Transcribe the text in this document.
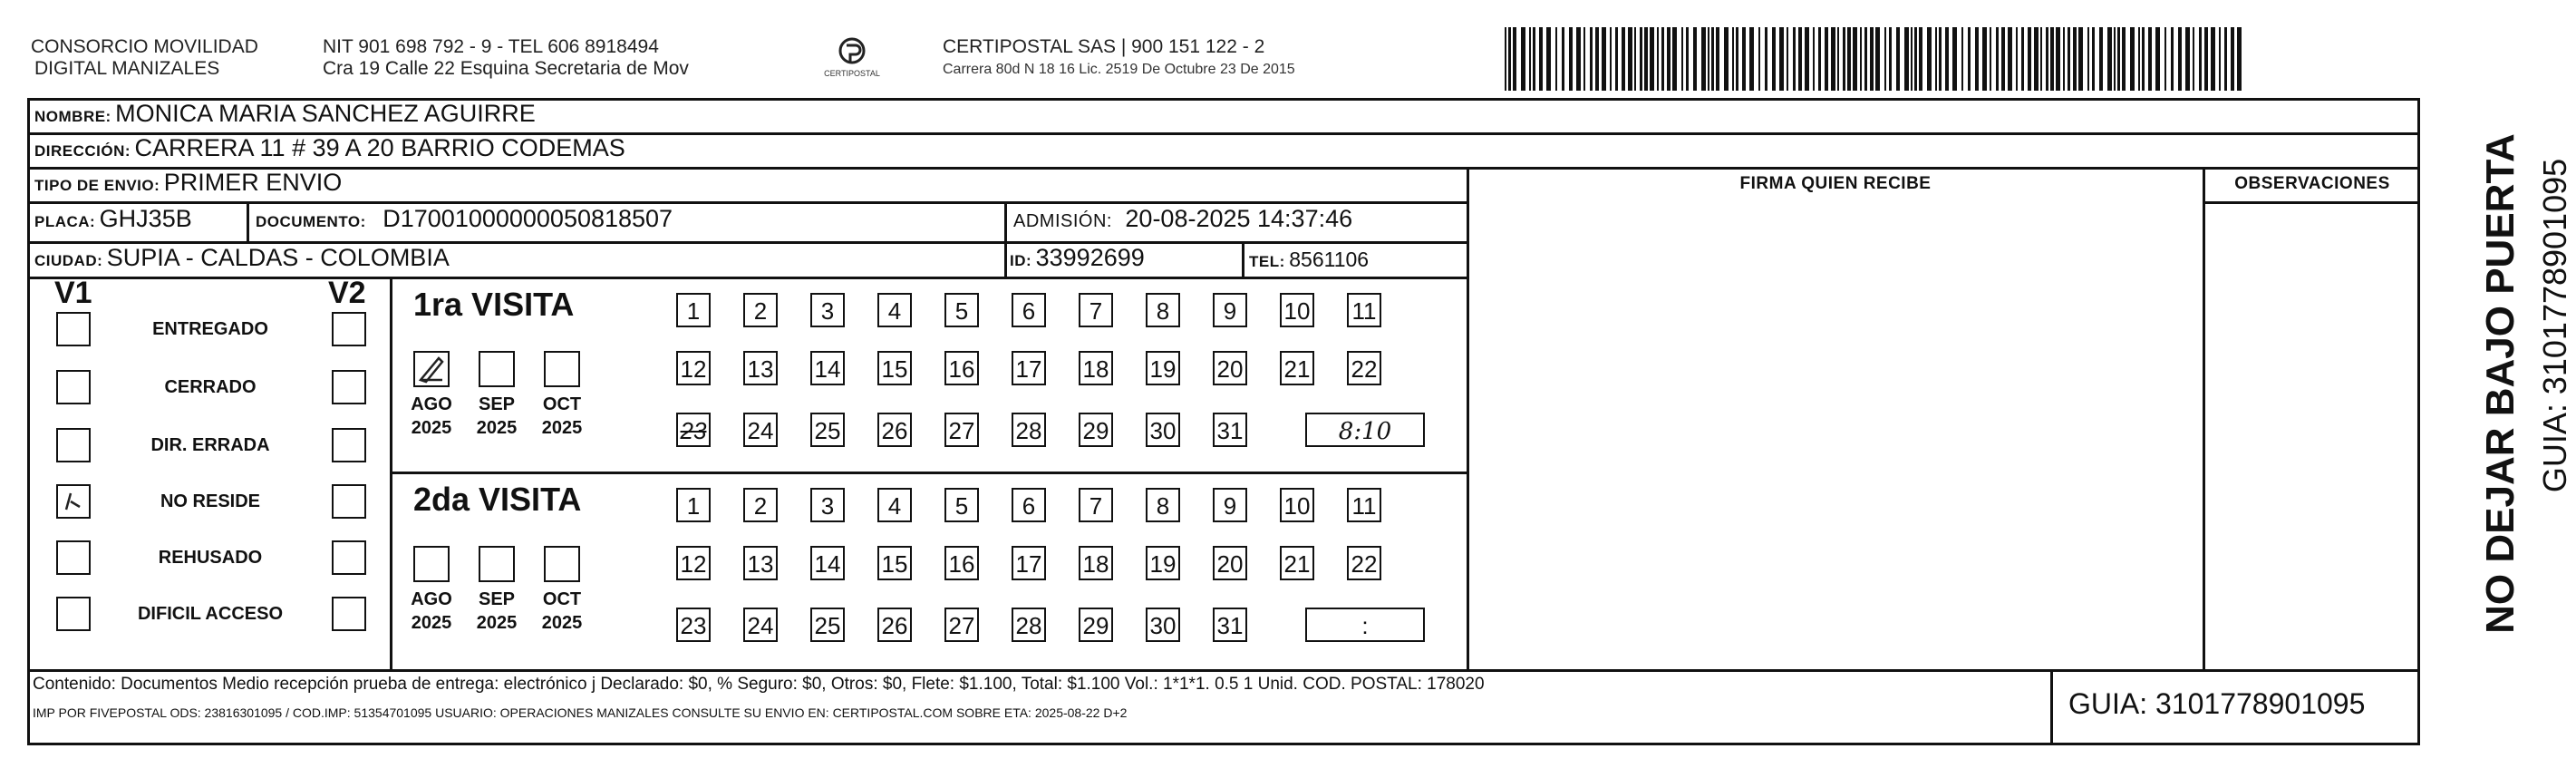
CONSORCIO MOVILIDAD
DIGITAL MANIZALES
NIT 901 698 792 - 9 - TEL 606 8918494
Cra 19 Calle 22 Esquina Secretaria de Mov	CERTIPOSTAL
CERTIPOSTAL SAS | 900 151 122 - 2
Carrera 80d N 18 16 Lic. 2519 De Octubre 23 De 2015
NOMBRE: MONICA MARIA SANCHEZ AGUIRRE
DIRECCIÓN: CARRERA 11 # 39 A 20 BARRIO CODEMAS
TIPO DE ENVIO: PRIMER ENVIO	FIRMA QUIEN RECIBE	OBSERVACIONES
PLACA: GHJ35B	DOCUMENTO: D17001000000050818507	ADMISIÓN: 20-08-2025 14:37:46
CIUDAD: SUPIA - CALDAS - COLOMBIA	ID: 33992699	TEL: 8561106
V1	V2
ENTREGADO
CERRADO
DIR. ERRADA
NO RESIDE
REHUSADO
DIFICIL ACCESO
1ra VISITA
AGO
2025
SEP
2025
OCT
2025
1	2	3	4	5	6	7	8	9	10 11
12 13 14 15 16 17 18 19 20 21 22
23 24 25 26 27 28 29 30 31	8:10
2da VISITA
AGO
2025
SEP
2025
OCT
2025
1	2	3	4	5	6	7	8	9	10 11
12 13 14 15 16 17 18 19 20 21 22
23 24 25 26 27 28 29 30 31	:
Contenido: Documentos Medio recepción prueba de entrega: electrónico j Declarado: $0, % Seguro: $0, Otros: $0, Flete: $1.100, Total: $1.100 Vol.: 1*1*1. 0.5 1 Unid. COD. POSTAL: 178020
IMP POR FIVEPOSTAL ODS: 23816301095 / COD.IMP: 51354701095 USUARIO: OPERACIONES MANIZALES CONSULTE SU ENVIO EN: CERTIPOSTAL.COM SOBRE ETA: 2025-08-22 D+2	GUIA: 3101778901095
NO DEJAR BAJO PUERTA GUIA: 3101778901095
